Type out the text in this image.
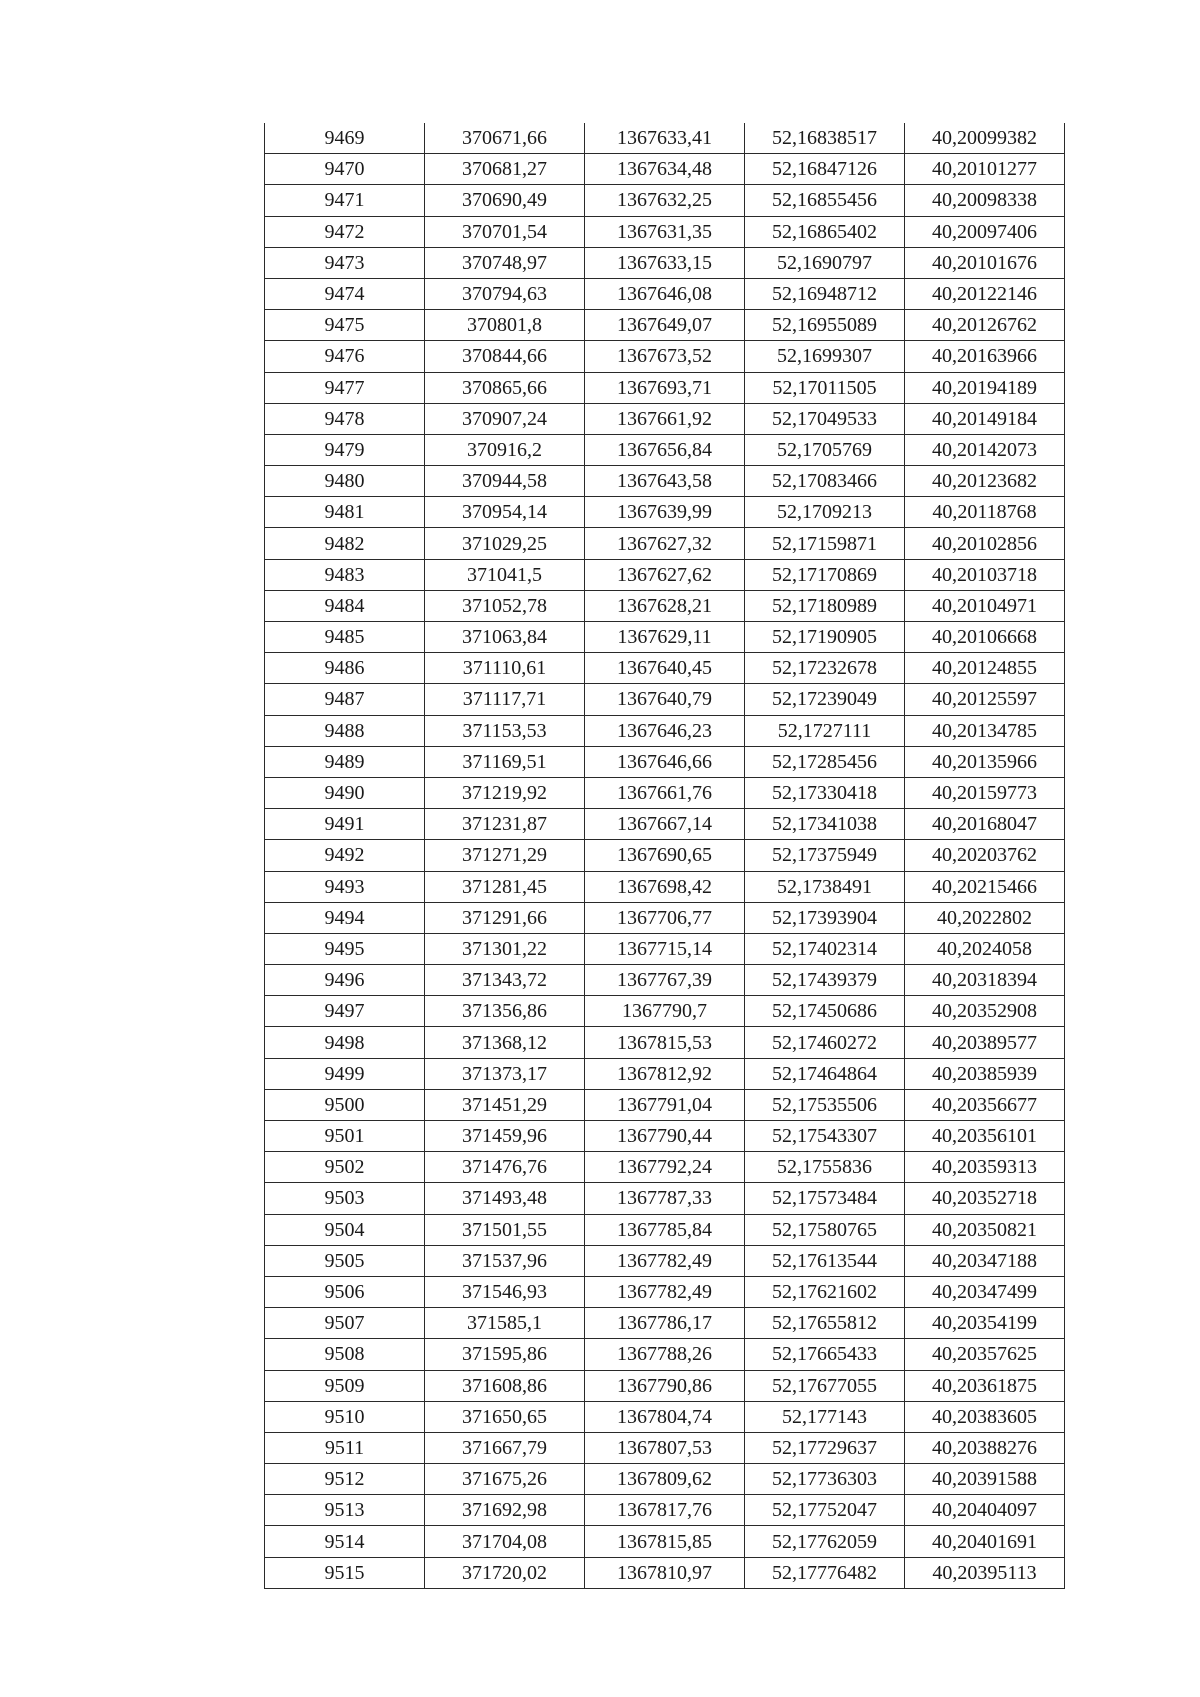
9469	370671,66	1367633,41	52,16838517	40,20099382
9470	370681,27	1367634,48	52,16847126	40,20101277
9471	370690,49	1367632,25	52,16855456	40,20098338
9472	370701,54	1367631,35	52,16865402	40,20097406
9473	370748,97	1367633,15	52,1690797	40,20101676
9474	370794,63	1367646,08	52,16948712	40,20122146
9475	370801,8	1367649,07	52,16955089	40,20126762
9476	370844,66	1367673,52	52,1699307	40,20163966
9477	370865,66	1367693,71	52,17011505	40,20194189
9478	370907,24	1367661,92	52,17049533	40,20149184
9479	370916,2	1367656,84	52,1705769	40,20142073
9480	370944,58	1367643,58	52,17083466	40,20123682
9481	370954,14	1367639,99	52,1709213	40,20118768
9482	371029,25	1367627,32	52,17159871	40,20102856
9483	371041,5	1367627,62	52,17170869	40,20103718
9484	371052,78	1367628,21	52,17180989	40,20104971
9485	371063,84	1367629,11	52,17190905	40,20106668
9486	371110,61	1367640,45	52,17232678	40,20124855
9487	371117,71	1367640,79	52,17239049	40,20125597
9488	371153,53	1367646,23	52,1727111	40,20134785
9489	371169,51	1367646,66	52,17285456	40,20135966
9490	371219,92	1367661,76	52,17330418	40,20159773
9491	371231,87	1367667,14	52,17341038	40,20168047
9492	371271,29	1367690,65	52,17375949	40,20203762
9493	371281,45	1367698,42	52,1738491	40,20215466
9494	371291,66	1367706,77	52,17393904	40,2022802
9495	371301,22	1367715,14	52,17402314	40,2024058
9496	371343,72	1367767,39	52,17439379	40,20318394
9497	371356,86	1367790,7	52,17450686	40,20352908
9498	371368,12	1367815,53	52,17460272	40,20389577
9499	371373,17	1367812,92	52,17464864	40,20385939
9500	371451,29	1367791,04	52,17535506	40,20356677
9501	371459,96	1367790,44	52,17543307	40,20356101
9502	371476,76	1367792,24	52,1755836	40,20359313
9503	371493,48	1367787,33	52,17573484	40,20352718
9504	371501,55	1367785,84	52,17580765	40,20350821
9505	371537,96	1367782,49	52,17613544	40,20347188
9506	371546,93	1367782,49	52,17621602	40,20347499
9507	371585,1	1367786,17	52,17655812	40,20354199
9508	371595,86	1367788,26	52,17665433	40,20357625
9509	371608,86	1367790,86	52,17677055	40,20361875
9510	371650,65	1367804,74	52,177143	40,20383605
9511	371667,79	1367807,53	52,17729637	40,20388276
9512	371675,26	1367809,62	52,17736303	40,20391588
9513	371692,98	1367817,76	52,17752047	40,20404097
9514	371704,08	1367815,85	52,17762059	40,20401691
9515	371720,02	1367810,97	52,17776482	40,20395113
